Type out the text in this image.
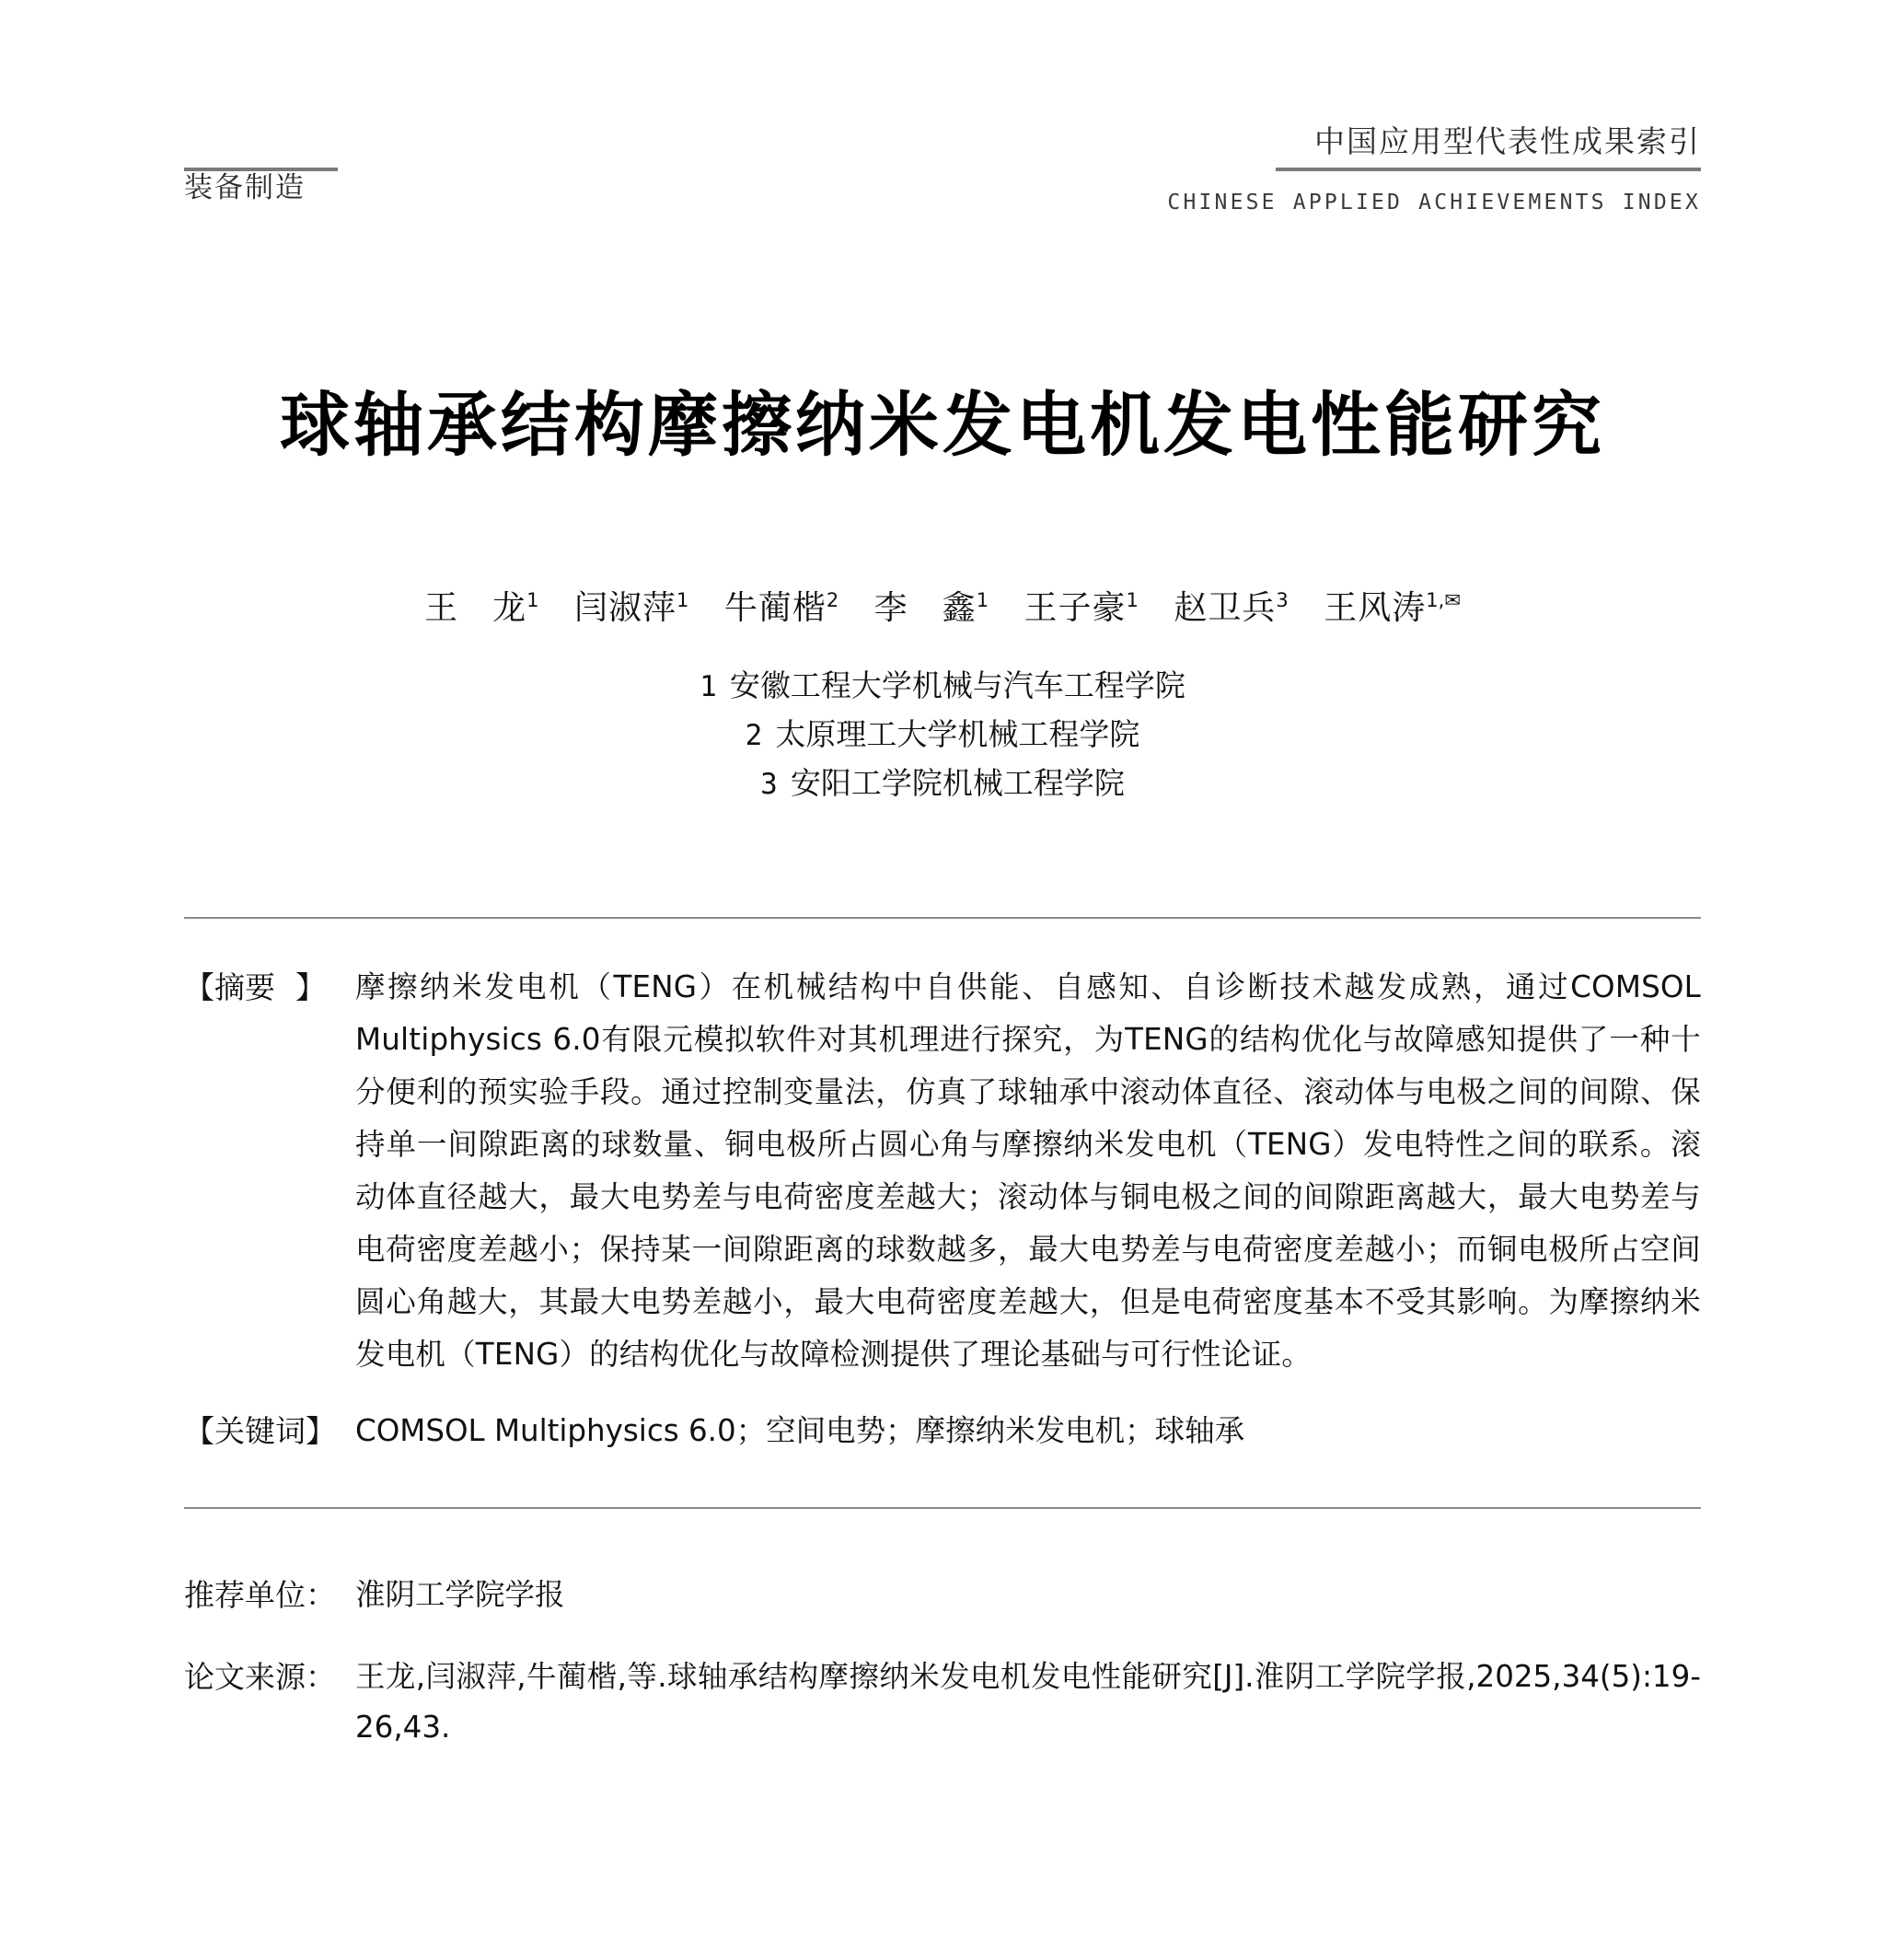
装备制造
中国应用型代表性成果索引
CHINESE APPLIED ACHIEVEMENTS INDEX
球轴承结构摩擦纳米发电机发电性能研究
王　龙$^1$ 闫淑萍$^1$ 牛蔺楷$^2$ 李　鑫$^1$ 王子豪$^1$ 赵卫兵$^3$ 王风涛$^{1,✉}$
1 安徽工程大学机械与汽车工程学院
2 太原理工大学机械工程学院
3 安阳工学院机械工程学院
【摘要】 摩擦纳米发电机（TENG）在机械结构中自供能、自感知、自诊断技术越发成熟，通过COMSOL Multiphysics 6.0有限元模拟软件对其机理进行探究，为TENG的结构优化与故障感知提供了一种十分便利的预实验手段。通过控制变量法，仿真了球轴承中滚动体直径、滚动体与电极之间的间隙、保持单一间隙距离的球数量、铜电极所占圆心角与摩擦纳米发电机（TENG）发电特性之间的联系。滚动体直径越大，最大电势差与电荷密度差越大；滚动体与铜电极之间的间隙距离越大，最大电势差与电荷密度差越小；保持某一间隙距离的球数越多，最大电势差与电荷密度差越小；而铜电极所占空间圆心角越大，其最大电势差越小，最大电荷密度差越大，但是电荷密度基本不受其影响。为摩擦纳米发电机（TENG）的结构优化与故障检测提供了理论基础与可行性论证。
【关键词】 COMSOL Multiphysics 6.0；空间电势；摩擦纳米发电机；球轴承
推荐单位： 淮阴工学院学报
论文来源： 王龙,闫淑萍,牛蔺楷,等.球轴承结构摩擦纳米发电机发电性能研究[J].淮阴工学院学报,2025,34(5):19-26,43.
